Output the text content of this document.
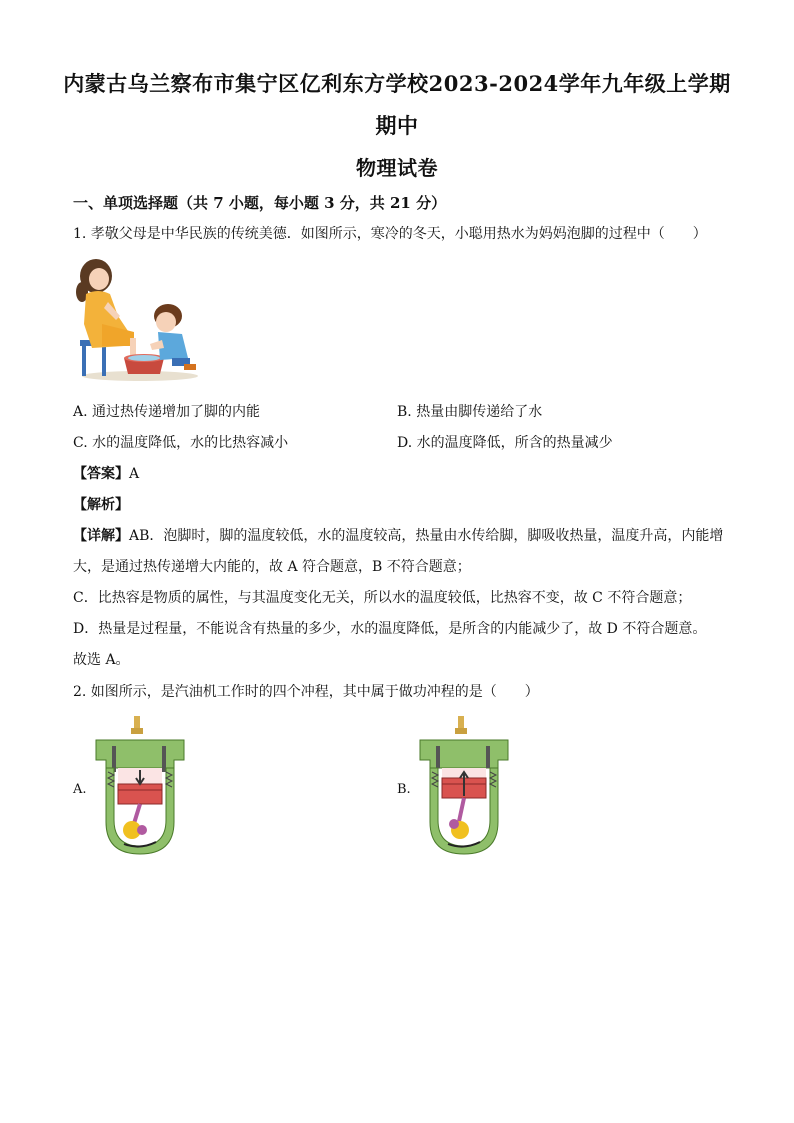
内蒙古乌兰察布市集宁区亿利东方学校2023-2024学年九年级上学期
期中
物理试卷
一、单项选择题（共 7 小题，每小题 3 分，共 21 分）
1. 孝敬父母是中华民族的传统美德．如图所示，寒冷的冬天，小聪用热水为妈妈泡脚的过程中（　　）
A. 通过热传递增加了脚的内能	B. 热量由脚传递给了水
C. 水的温度降低，水的比热容减小	D. 水的温度降低，所含的热量减少
【答案】A
【解析】
【详解】AB．泡脚时，脚的温度较低，水的温度较高，热量由水传给脚，脚吸收热量，温度升高，内能增
大，是通过热传递增大内能的，故 A 符合题意，B 不符合题意；
C．比热容是物质的属性，与其温度变化无关，所以水的温度较低，比热容不变，故 C 不符合题意；
D．热量是过程量，不能说含有热量的多少，水的温度降低，是所含的内能减少了，故 D 不符合题意。
故选 A。
2. 如图所示，是汽油机工作时的四个冲程，其中属于做功冲程的是（　　）
A.	B.
